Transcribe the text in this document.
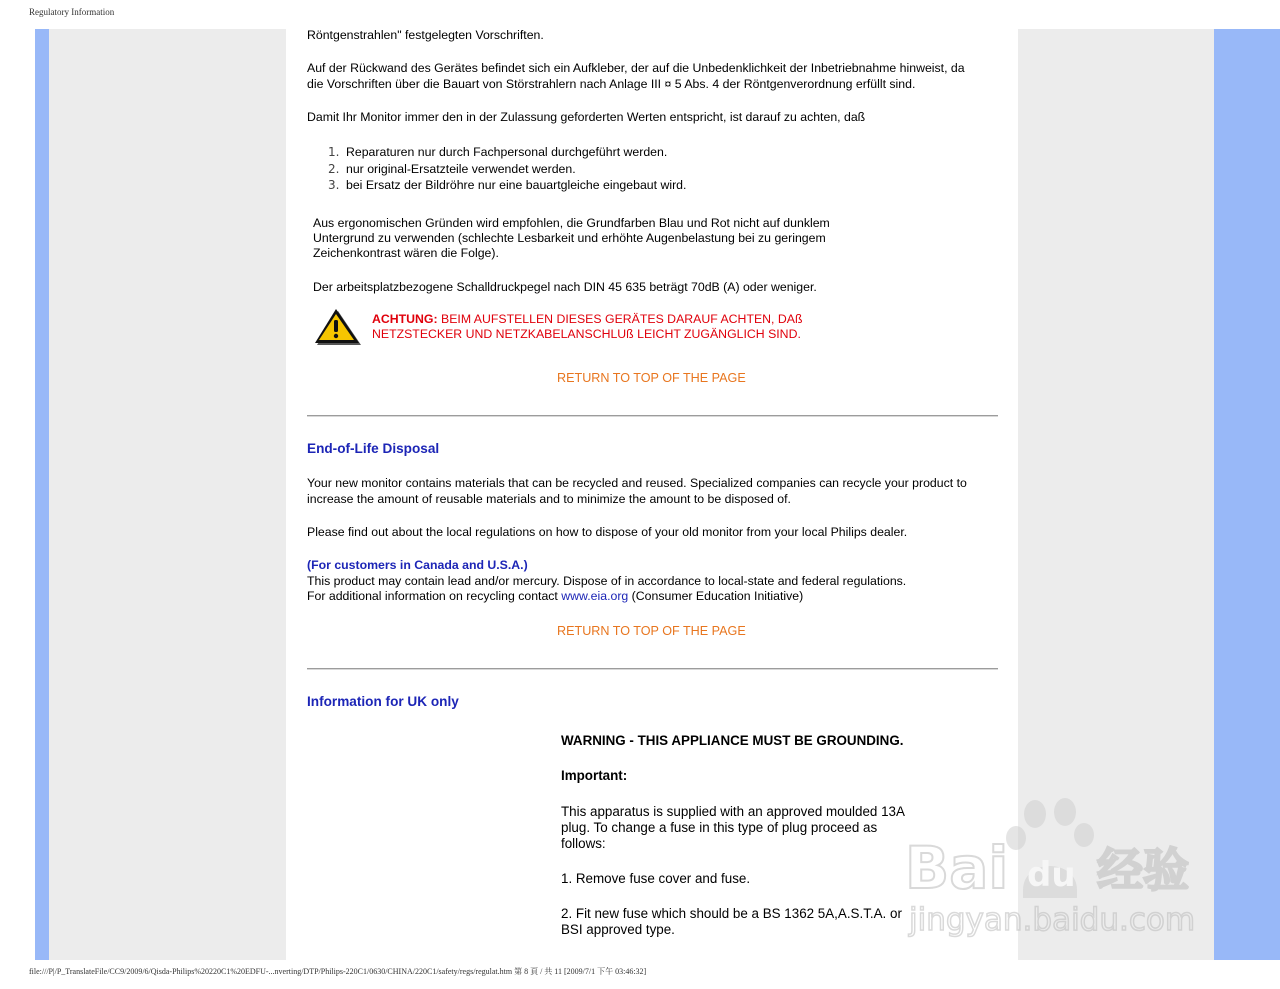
Regulatory Information
Röntgenstrahlen" festgelegten Vorschriften.
Auf der Rückwand des Gerätes befindet sich ein Aufkleber, der auf die Unbedenklichkeit der Inbetriebnahme hinweist, da
die Vorschriften über die Bauart von Störstrahlern nach Anlage III ¤ 5 Abs. 4 der Röntgenverordnung erfüllt sind.
Damit Ihr Monitor immer den in der Zulassung geforderten Werten entspricht, ist darauf zu achten, daß
1. Reparaturen nur durch Fachpersonal durchgeführt werden.
2. nur original-Ersatzteile verwendet werden.
3. bei Ersatz der Bildröhre nur eine bauartgleiche eingebaut wird.
Aus ergonomischen Gründen wird empfohlen, die Grundfarben Blau und Rot nicht auf dunklem
Untergrund zu verwenden (schlechte Lesbarkeit und erhöhte Augenbelastung bei zu geringem
Zeichenkontrast wären die Folge).
Der arbeitsplatzbezogene Schalldruckpegel nach DIN 45 635 beträgt 70dB (A) oder weniger.
ACHTUNG: BEIM AUFSTELLEN DIESES GERÄTES DARAUF ACHTEN, DAß
NETZSTECKER UND NETZKABELANSCHLUß LEICHT ZUGÄNGLICH SIND.
RETURN TO TOP OF THE PAGE
End-of-Life Disposal
Your new monitor contains materials that can be recycled and reused. Specialized companies can recycle your product to
increase the amount of reusable materials and to minimize the amount to be disposed of.
Please find out about the local regulations on how to dispose of your old monitor from your local Philips dealer.
(For customers in Canada and U.S.A.)
This product may contain lead and/or mercury. Dispose of in accordance to local-state and federal regulations.
For additional information on recycling contact www.eia.org (Consumer Education Initiative)
RETURN TO TOP OF THE PAGE
Information for UK only
WARNING - THIS APPLIANCE MUST BE GROUNDING.
Important:
This apparatus is supplied with an approved moulded 13A
plug. To change a fuse in this type of plug proceed as
follows:
1. Remove fuse cover and fuse.
2. Fit new fuse which should be a BS 1362 5A,A.S.T.A. or
BSI approved type.
Bai du 经验
jingyan.baidu.com
file:///P|/P_TranslateFile/CC9/2009/6/Qisda-Philips%20220C1%20EDFU-...nverting/DTP/Philips-220C1/0630/CHINA/220C1/safety/regs/regulat.htm 第 8 頁 / 共 11 [2009/7/1 下午 03:46:32]
